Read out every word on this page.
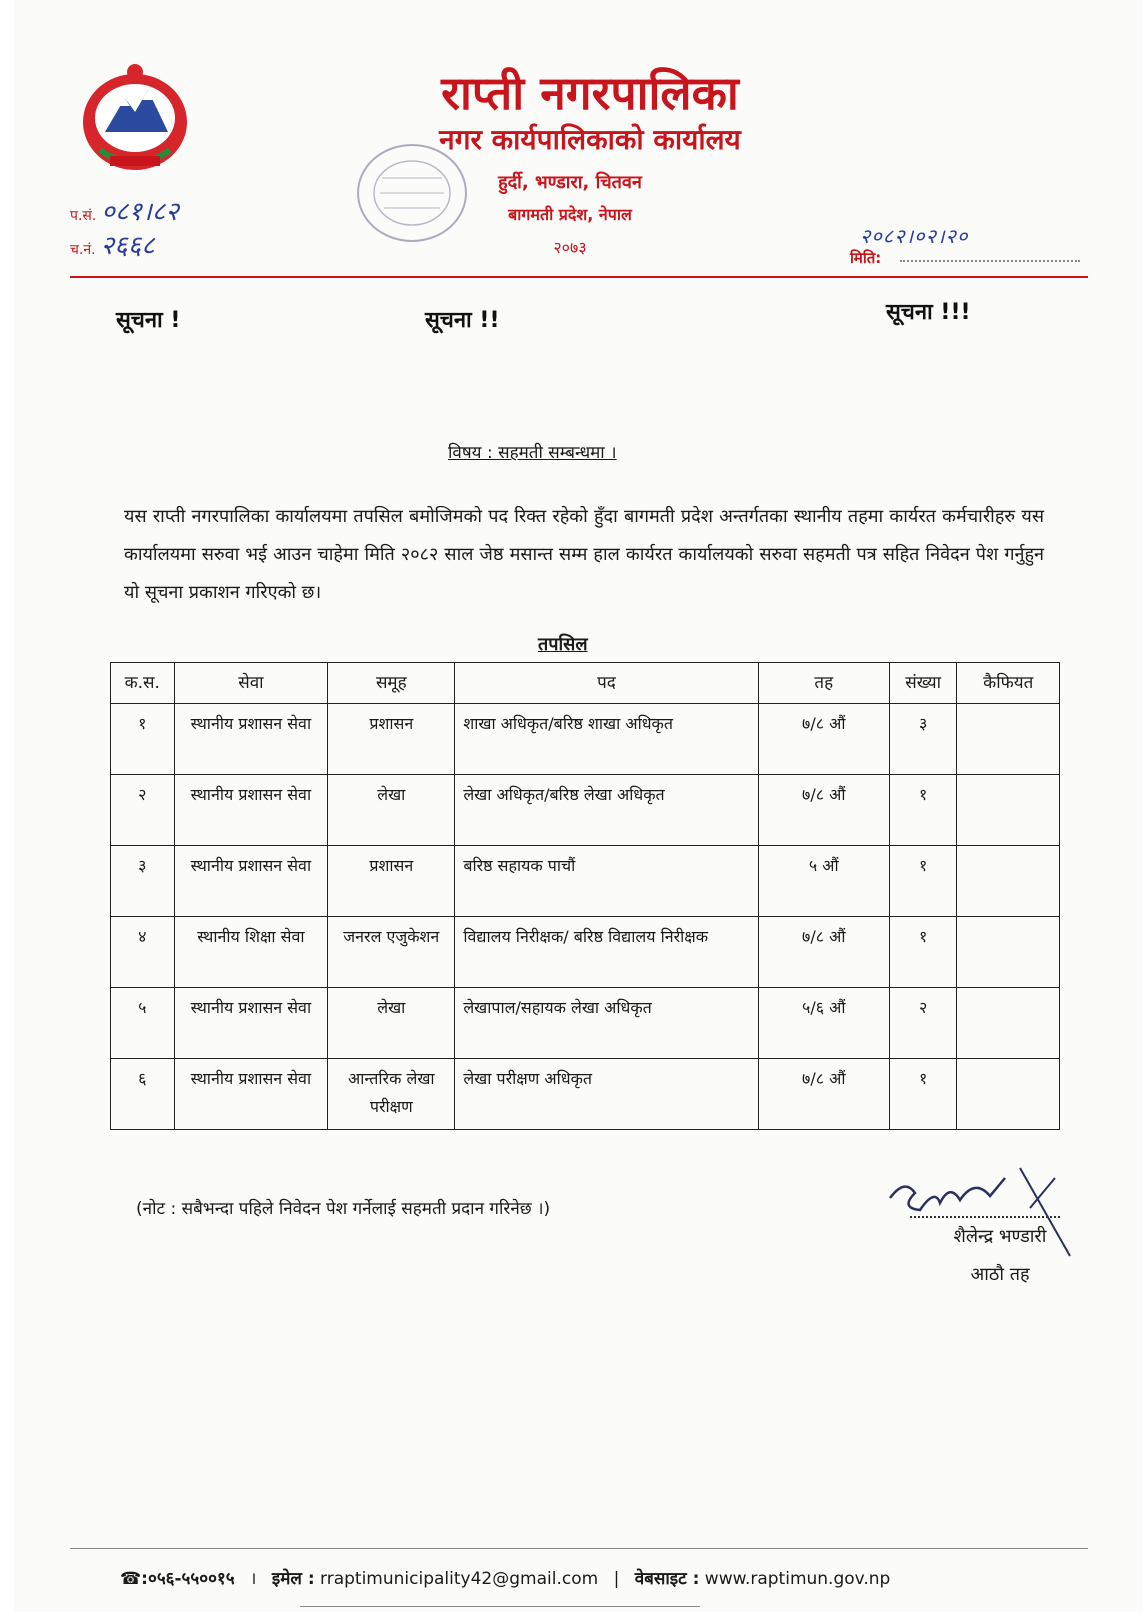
राप्ती नगरपालिका
नगर कार्यपालिकाको कार्यालय
हुर्दी, भण्डारा, चितवन
बागमती प्रदेश, नेपाल
२०७३
प.सं. ०८१।८२
च.नं. २६६८	२०८२।०२।२०
मिति:
सूचना !	सूचना !!	सूचना !!!
विषय : सहमती सम्बन्धमा ।
यस राप्ती नगरपालिका कार्यालयमा तपसिल बमोजिमको पद रिक्त रहेको हुँदा बागमती प्रदेश अन्तर्गतका स्थानीय तहमा कार्यरत कर्मचारीहरु यस कार्यालयमा सरुवा भई आउन चाहेमा मिति २०८२ साल जेष्ठ मसान्त सम्म हाल कार्यरत कार्यालयको सरुवा सहमती पत्र सहित निवेदन पेश गर्नुहुन यो सूचना प्रकाशन गरिएको छ।
तपसिल
क.स.	सेवा	समूह	पद	तह	संख्या	कैफियत
१	स्थानीय प्रशासन सेवा	प्रशासन	शाखा अधिकृत/बरिष्ठ शाखा अधिकृत	७/८ औं	३	
२	स्थानीय प्रशासन सेवा	लेखा	लेखा अधिकृत/बरिष्ठ लेखा अधिकृत	७/८ औं	१	
३	स्थानीय प्रशासन सेवा	प्रशासन	बरिष्ठ सहायक पाचौं	५ औं	१	
४	स्थानीय शिक्षा सेवा	जनरल एजुकेशन	विद्यालय निरीक्षक/ बरिष्ठ विद्यालय निरीक्षक	७/८ औं	१	
५	स्थानीय प्रशासन सेवा	लेखा	लेखापाल/सहायक लेखा अधिकृत	५/६ औं	२	
६	स्थानीय प्रशासन सेवा	आन्तरिक लेखा परीक्षण	लेखा परीक्षण अधिकृत	७/८ औं	१	
(नोट : सबैभन्दा पहिले निवेदन पेश गर्नेलाई सहमती प्रदान गरिनेछ ।)
शैलेन्द्र भण्डारी
आठौ तह
☎:०५६-५५००१५ । इमेल : rraptimunicipality42@gmail.com | वेबसाइट : www.raptimun.gov.np
